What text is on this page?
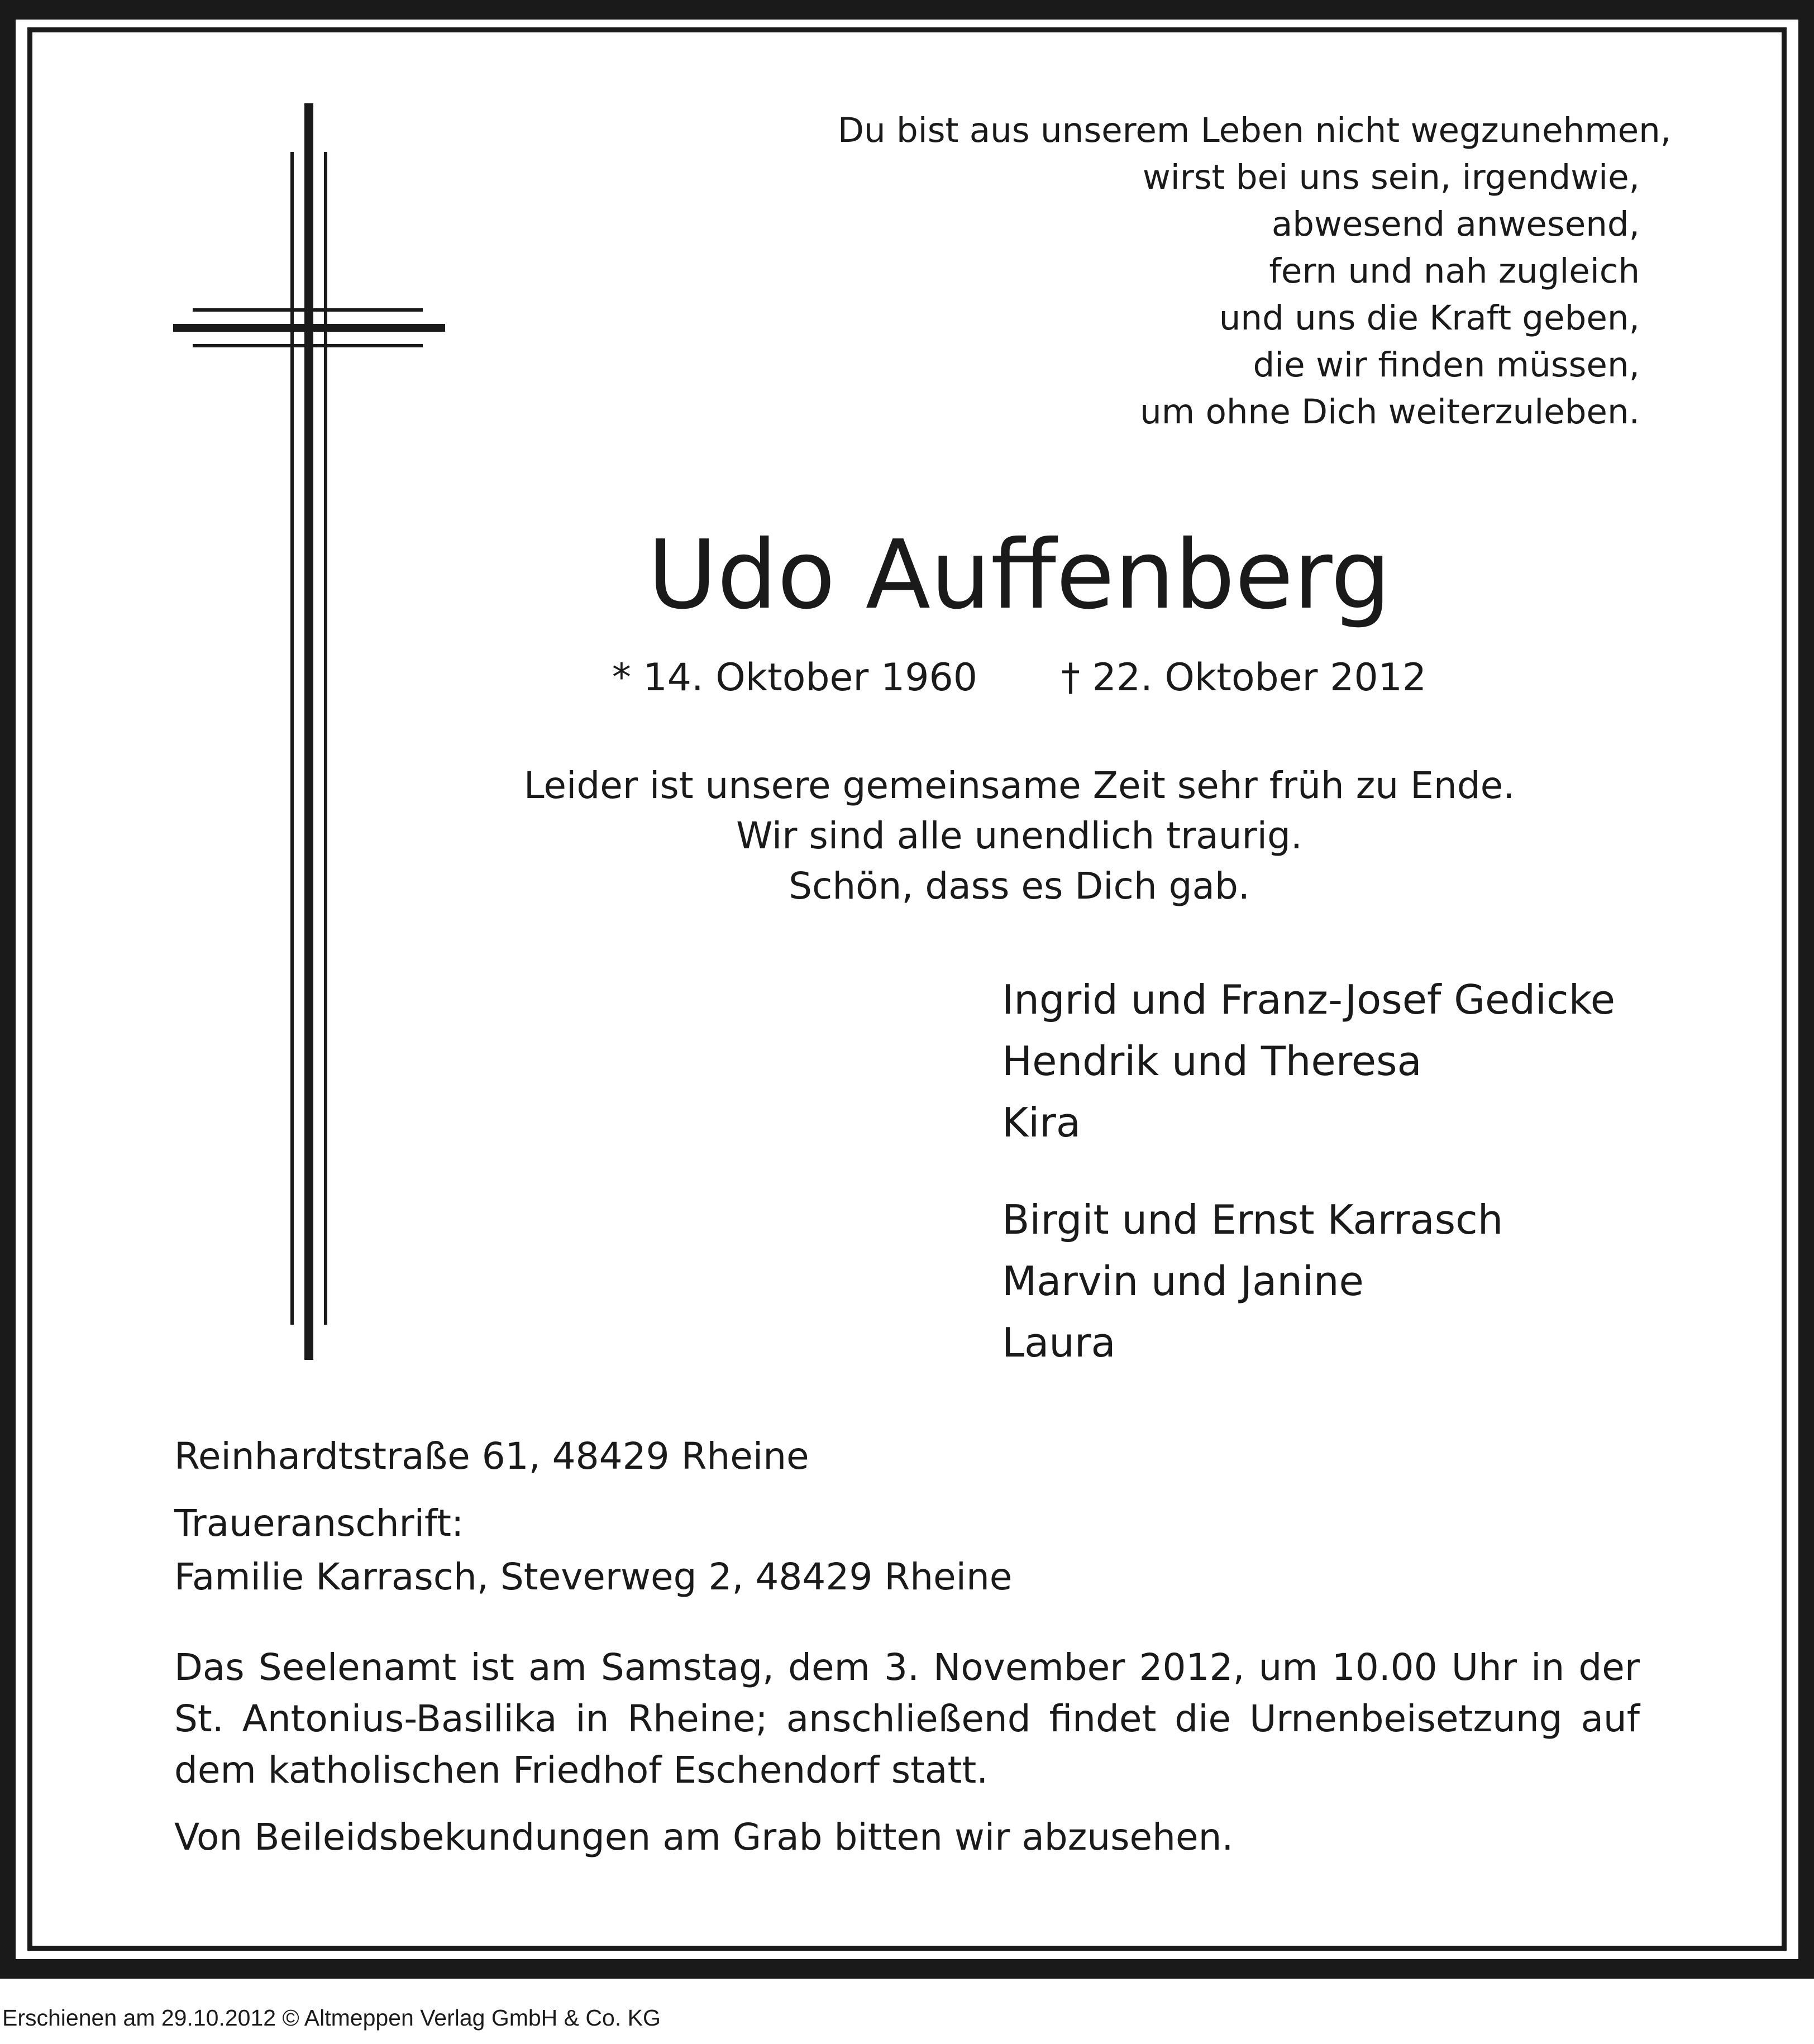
Du bist aus unserem Leben nicht wegzunehmen,
wirst bei uns sein, irgendwie,
abwesend anwesend,
fern und nah zugleich
und uns die Kraft geben,
die wir finden müssen,
um ohne Dich weiterzuleben.
Udo Auffenberg
* 14. Oktober 1960 † 22. Oktober 2012
Leider ist unsere gemeinsame Zeit sehr früh zu Ende.
Wir sind alle unendlich traurig.
Schön, dass es Dich gab.
Ingrid und Franz-Josef Gedicke
Hendrik und Theresa
Kira
Birgit und Ernst Karrasch
Marvin und Janine
Laura
Reinhardtstraße 61, 48429 Rheine
Traueranschrift:
Familie Karrasch, Steverweg 2, 48429 Rheine
Das Seelenamt ist am Samstag, dem 3. November 2012, um 10.00 Uhr in der St. Antonius-Basilika in Rheine; anschließend findet die Urnenbeisetzung auf dem katholischen Friedhof Eschendorf statt.
Von Beileidsbekundungen am Grab bitten wir abzusehen.
Erschienen am 29.10.2012 © Altmeppen Verlag GmbH & Co. KG
